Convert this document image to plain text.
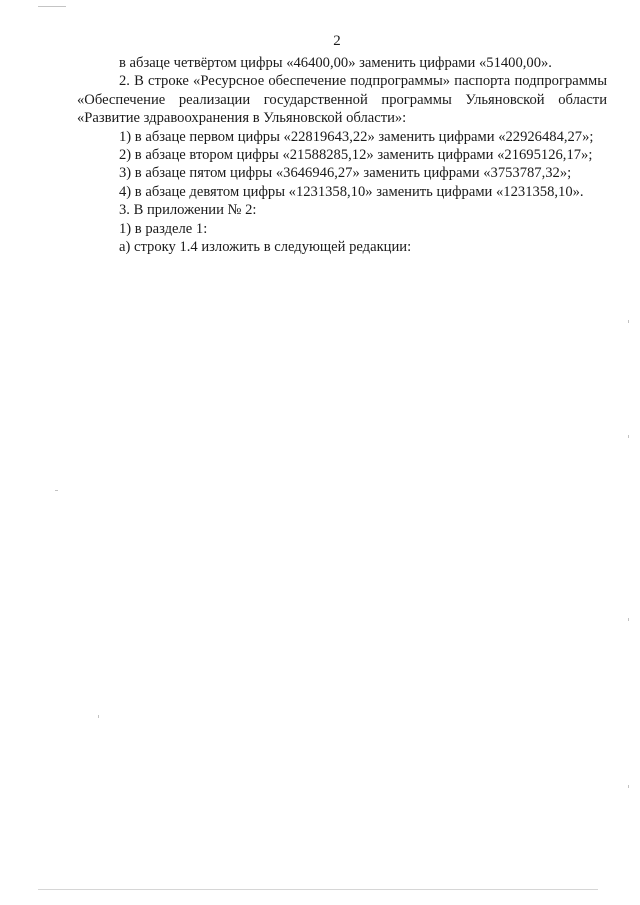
2

в абзаце четвёртом цифры «46400,00» заменить цифрами «51400,00».

2. В строке «Ресурсное обеспечение подпрограммы» паспорта подпрограммы «Обеспечение реализации государственной программы Ульяновской области «Развитие здравоохранения в Ульяновской области»:

1) в абзаце первом цифры «22819643,22» заменить цифрами «22926484,27»;

2) в абзаце втором цифры «21588285,12» заменить цифрами «21695126,17»;

3) в абзаце пятом цифры «3646946,27» заменить цифрами «3753787,32»;

4) в абзаце девятом цифры «1231358,10» заменить цифрами «1231358,10».

3. В приложении № 2:

1) в разделе 1:

а) строку 1.4 изложить в следующей редакции:
